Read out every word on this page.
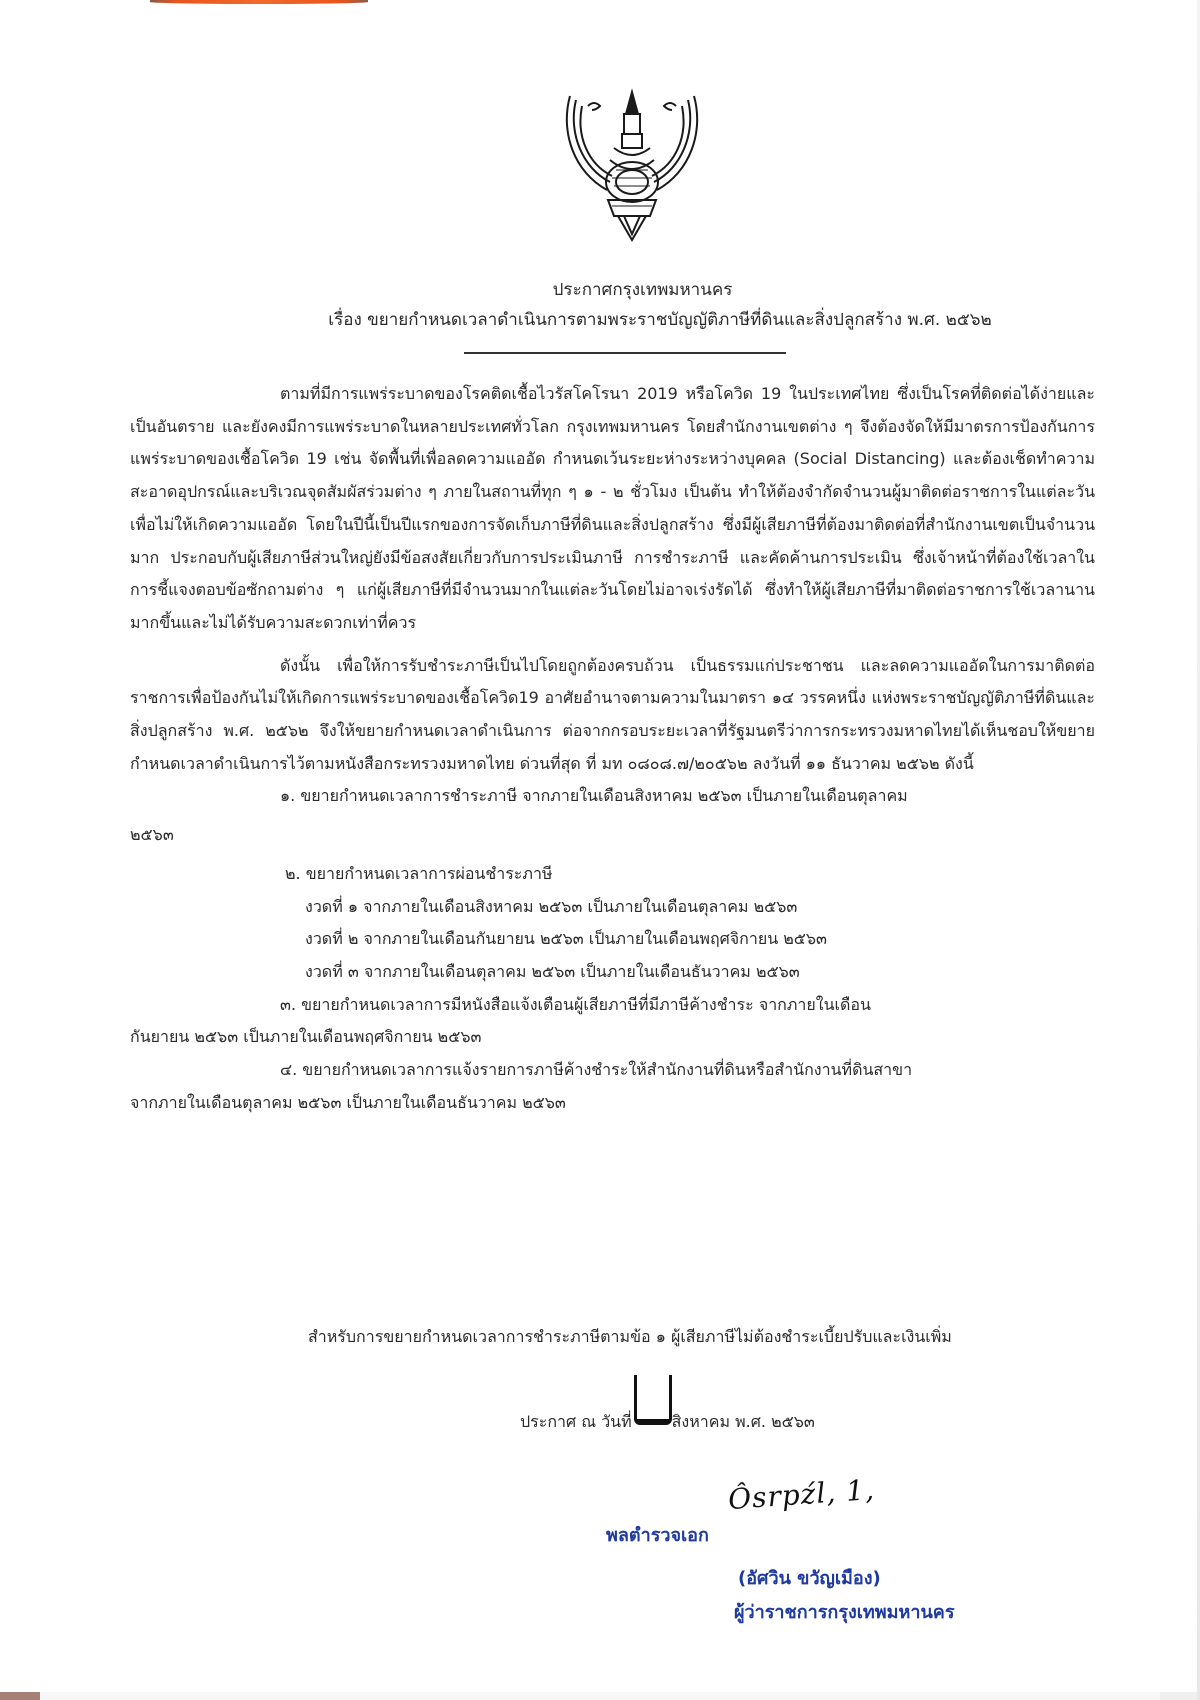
ประกาศกรุงเทพมหานคร
เรื่อง ขยายกำหนดเวลาดำเนินการตามพระราชบัญญัติภาษีที่ดินและสิ่งปลูกสร้าง พ.ศ. ๒๕๖๒

ตามที่มีการแพร่ระบาดของโรคติดเชื้อไวรัสโคโรนา 2019 หรือโควิด 19 ในประเทศไทย ซึ่งเป็นโรคที่ติดต่อได้ง่ายและเป็นอันตราย และยังคงมีการแพร่ระบาดในหลายประเทศทั่วโลก กรุงเทพมหานคร โดยสำนักงานเขตต่าง ๆ จึงต้องจัดให้มีมาตรการป้องกันการแพร่ระบาดของเชื้อโควิด 19 เช่น จัดพื้นที่เพื่อลดความแออัด กำหนดเว้นระยะห่างระหว่างบุคคล (Social Distancing) และต้องเช็ดทำความสะอาดอุปกรณ์และบริเวณจุดสัมผัสร่วมต่าง ๆ ภายในสถานที่ทุก ๆ ๑ - ๒ ชั่วโมง เป็นต้น ทำให้ต้องจำกัดจำนวนผู้มาติดต่อราชการในแต่ละวันเพื่อไม่ให้เกิดความแออัด โดยในปีนี้เป็นปีแรกของการจัดเก็บภาษีที่ดินและสิ่งปลูกสร้าง ซึ่งมีผู้เสียภาษีที่ต้องมาติดต่อที่สำนักงานเขตเป็นจำนวนมาก ประกอบกับผู้เสียภาษีส่วนใหญ่ยังมีข้อสงสัยเกี่ยวกับการประเมินภาษี การชำระภาษี และคัดค้านการประเมิน ซึ่งเจ้าหน้าที่ต้องใช้เวลาในการชี้แจงตอบข้อซักถามต่าง ๆ แก่ผู้เสียภาษีที่มีจำนวนมากในแต่ละวันโดยไม่อาจเร่งรัดได้ ซึ่งทำให้ผู้เสียภาษีที่มาติดต่อราชการใช้เวลานานมากขึ้นและไม่ได้รับความสะดวกเท่าที่ควร

ดังนั้น เพื่อให้การรับชำระภาษีเป็นไปโดยถูกต้องครบถ้วน เป็นธรรมแก่ประชาชน และลดความแออัดในการมาติดต่อราชการเพื่อป้องกันไม่ให้เกิดการแพร่ระบาดของเชื้อโควิด19 อาศัยอำนาจตามความในมาตรา ๑๔ วรรคหนึ่ง แห่งพระราชบัญญัติภาษีที่ดินและสิ่งปลูกสร้าง พ.ศ. ๒๕๖๒ จึงให้ขยายกำหนดเวลาดำเนินการ ต่อจากกรอบระยะเวลาที่รัฐมนตรีว่าการกระทรวงมหาดไทยได้เห็นชอบให้ขยายกำหนดเวลาดำเนินการไว้ตามหนังสือกระทรวงมหาดไทย ด่วนที่สุด ที่ มท ๐๘๐๘.๗/๒๐๕๖๒ ลงวันที่ ๑๑ ธันวาคม ๒๕๖๒ ดังนี้

๑. ขยายกำหนดเวลาการชำระภาษี จากภายในเดือนสิงหาคม ๒๕๖๓ เป็นภายในเดือนตุลาคม
๒๕๖๓
๒. ขยายกำหนดเวลาการผ่อนชำระภาษี
งวดที่ ๑ จากภายในเดือนสิงหาคม ๒๕๖๓ เป็นภายในเดือนตุลาคม ๒๕๖๓
งวดที่ ๒ จากภายในเดือนกันยายน ๒๕๖๓ เป็นภายในเดือนพฤศจิกายน ๒๕๖๓
งวดที่ ๓ จากภายในเดือนตุลาคม ๒๕๖๓ เป็นภายในเดือนธันวาคม ๒๕๖๓
๓. ขยายกำหนดเวลาการมีหนังสือแจ้งเตือนผู้เสียภาษีที่มีภาษีค้างชำระ จากภายในเดือน
กันยายน ๒๕๖๓ เป็นภายในเดือนพฤศจิกายน ๒๕๖๓
๔. ขยายกำหนดเวลาการแจ้งรายการภาษีค้างชำระให้สำนักงานที่ดินหรือสำนักงานที่ดินสาขา
จากภายในเดือนตุลาคม ๒๕๖๓ เป็นภายในเดือนธันวาคม ๒๕๖๓
สำหรับการขยายกำหนดเวลาการชำระภาษีตามข้อ ๑ ผู้เสียภาษีไม่ต้องชำระเบี้ยปรับและเงินเพิ่ม
ประกาศ ณ วันที่	สิงหาคม พ.ศ. ๒๕๖๓
Ôsrpźl, 1,
พลตำรวจเอก
(อัศวิน ขวัญเมือง)
ผู้ว่าราชการกรุงเทพมหานคร
